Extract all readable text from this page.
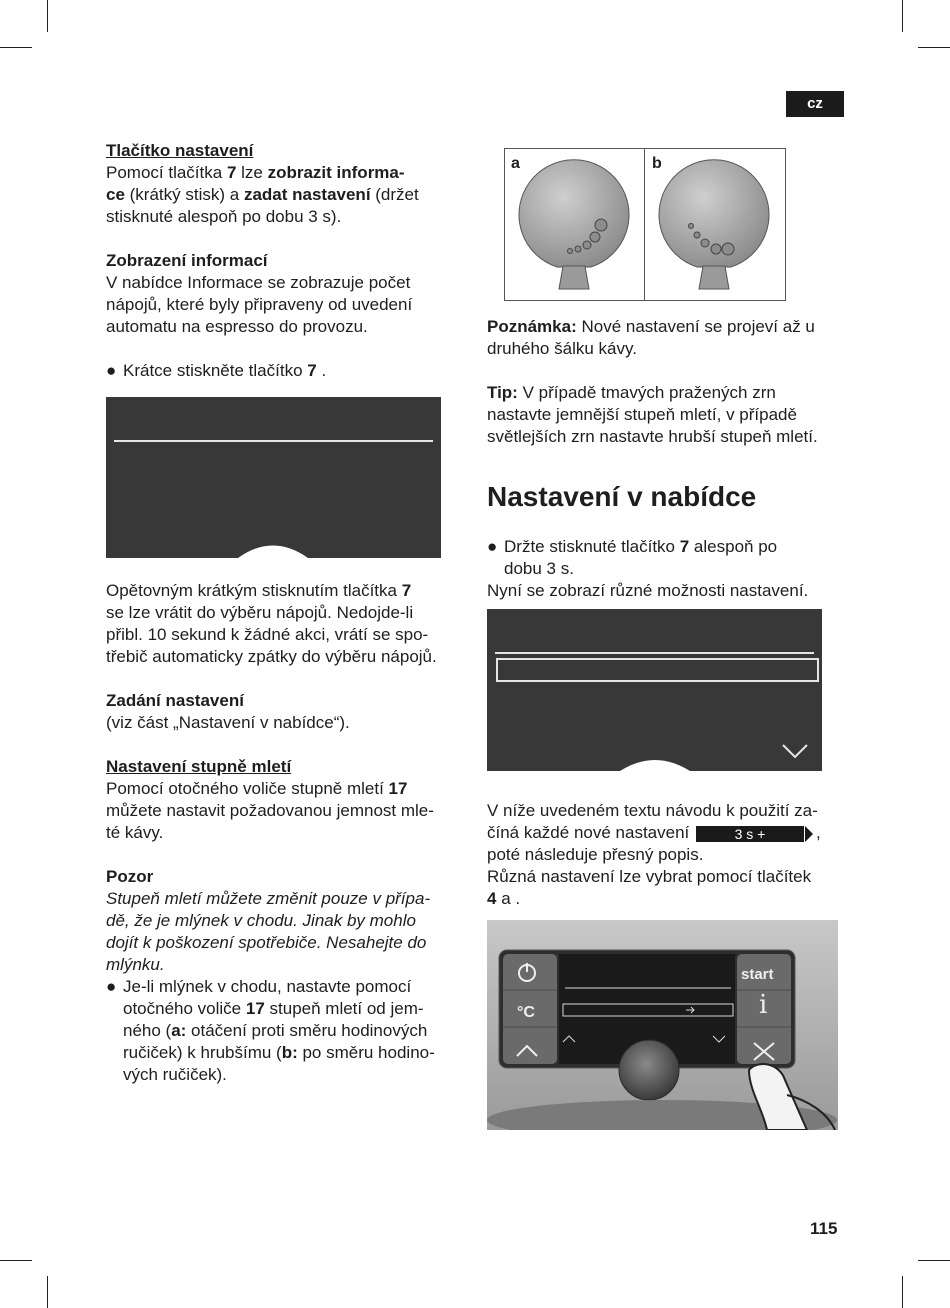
cz

Tlačítko nastavení

Pomocí tlačítka 7 lze zobrazit informa-

ce (krátký stisk) a zadat nastavení (držet

stisknuté alespoň po dobu 3 s).

Zobrazení informací

V nabídce Informace se zobrazuje počet

nápojů, které byly připraveny od uvedení

automatu na espresso do provozu.

● Krátce stiskněte tlačítko 7 .

Opětovným krátkým stisknutím tlačítka 7

se lze vrátit do výběru nápojů. Nedojde-li

přibl. 10 sekund k žádné akci, vrátí se spo-

třebič automaticky zpátky do výběru nápojů.

Zadání nastavení

(viz část „Nastavení v nabídce“).

Nastavení stupně mletí

Pomocí otočného voliče stupně mletí 17

můžete nastavit požadovanou jemnost mle-

té kávy.

Pozor

Stupeň mletí můžete změnit pouze v přípa-

dě, že je mlýnek v chodu. Jinak by mohlo

dojít k poškození spotřebiče. Nesahejte do

mlýnku.

● Je-li mlýnek v chodu, nastavte pomocí

otočného voliče 17 stupeň mletí od jem-

ného (a: otáčení proti směru hodinových

ručiček) k hrubšímu (b: po směru hodino-

vých ručiček).

a	b

Poznámka: Nové nastavení se projeví až u

druhého šálku kávy.

Tip: V případě tmavých pražených zrn

nastavte jemnější stupeň mletí, v případě

světlejších zrn nastavte hrubší stupeň mletí.

Nastavení v nabídce
● Držte stisknuté tlačítko 7 alespoň po

dobu 3 s.

Nyní se zobrazí různé možnosti nastavení.

V níže uvedeném textu návodu k použití za-

číná každé nové nastavení	3 s +	,

poté následuje přesný popis.

Různá nastavení lze vybrat pomocí tlačítek

4 a .

start
°C	i
115
